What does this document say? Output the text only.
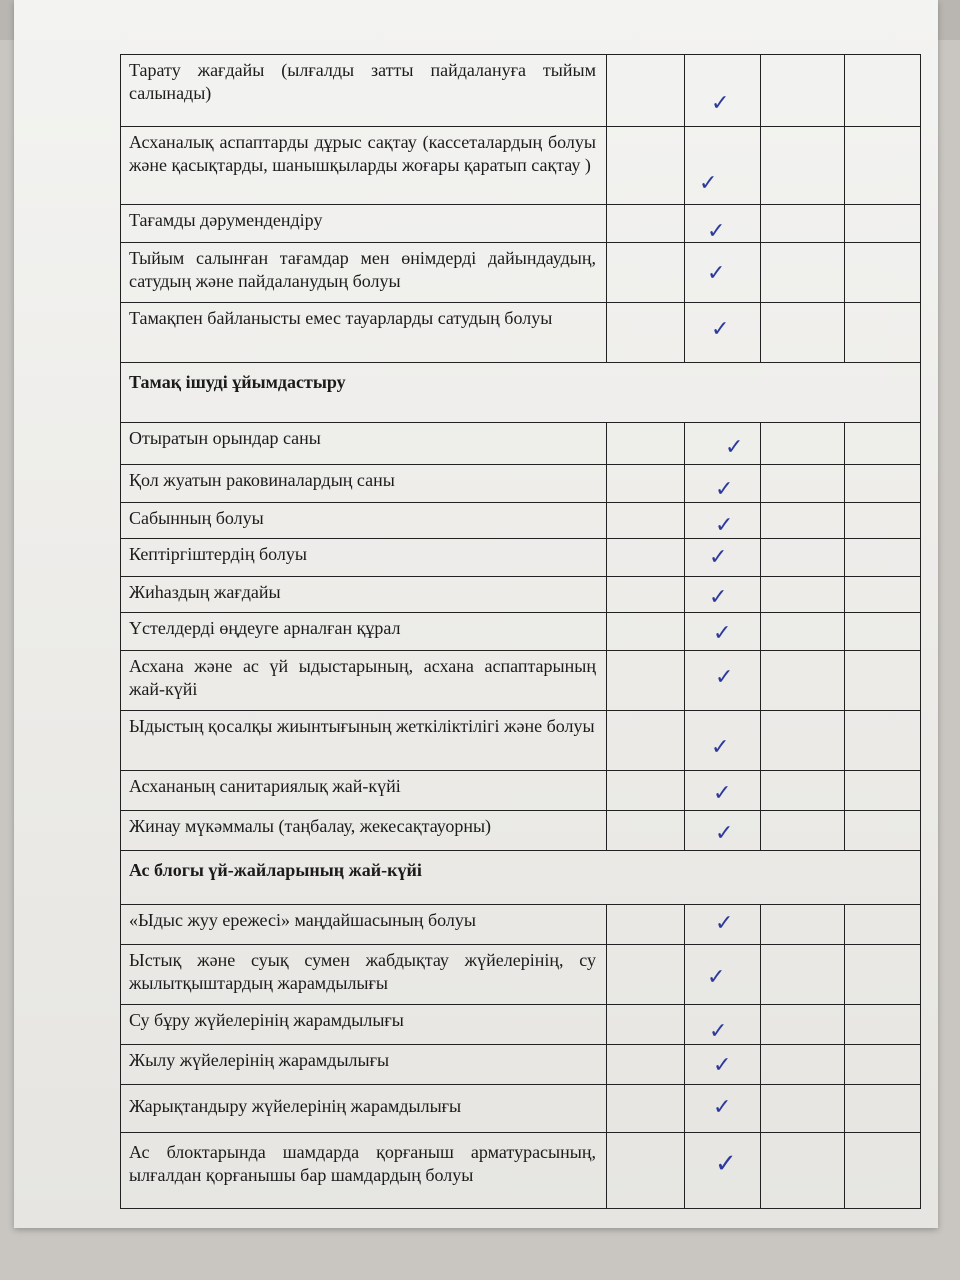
Тарату жағдайы (ылғалды затты пайдалануға тыйым салынады)		✓		

Асханалық аспаптарды дұрыс сақтау (кассеталардың болуы және қасықтарды, шанышқыларды жоғары қаратып сақтау )		✓		

Тағамды дәрумендендіру		✓		

Тыйым салынған тағамдар мен өнімдерді дайындаудың, сатудың және пайдаланудың болуы		✓		

Тамақпен байланысты емес тауарларды сатудың болуы		✓		

Тамақ ішуді ұйымдастыру				
Отыратын орындар саны		✓		

Қол жуатын раковиналардың саны		✓		

Сабынның болуы		✓		

Кептіргіштердің болуы		✓		

Жиһаздың жағдайы		✓		

Үстелдерді өңдеуге арналған құрал		✓		

Асхана және ас үй ыдыстарының, асхана аспаптарының жай-күйі		✓		

Ыдыстың қосалқы жиынтығының жеткіліктілігі және болуы		✓		

Асхананың санитариялық жай-күйі		✓		

Жинау мүкәммалы (таңбалау, жекесақтауорны)		✓		

Ас блогы үй-жайларының жай-күйі				
«Ыдыс жуу ережесі» маңдайшасының болуы		✓		

Ыстық және суық сумен жабдықтау жүйелерінің, су жылытқыштардың жарамдылығы		✓		

Су бұру жүйелерінің жарамдылығы		✓		

Жылу жүйелерінің жарамдылығы		✓		

Жарықтандыру жүйелерінің жарамдылығы		✓		

Ас блоктарында шамдарда қорғаныш арматурасының, ылғалдан қорғанышы бар шамдардың болуы		✓		
